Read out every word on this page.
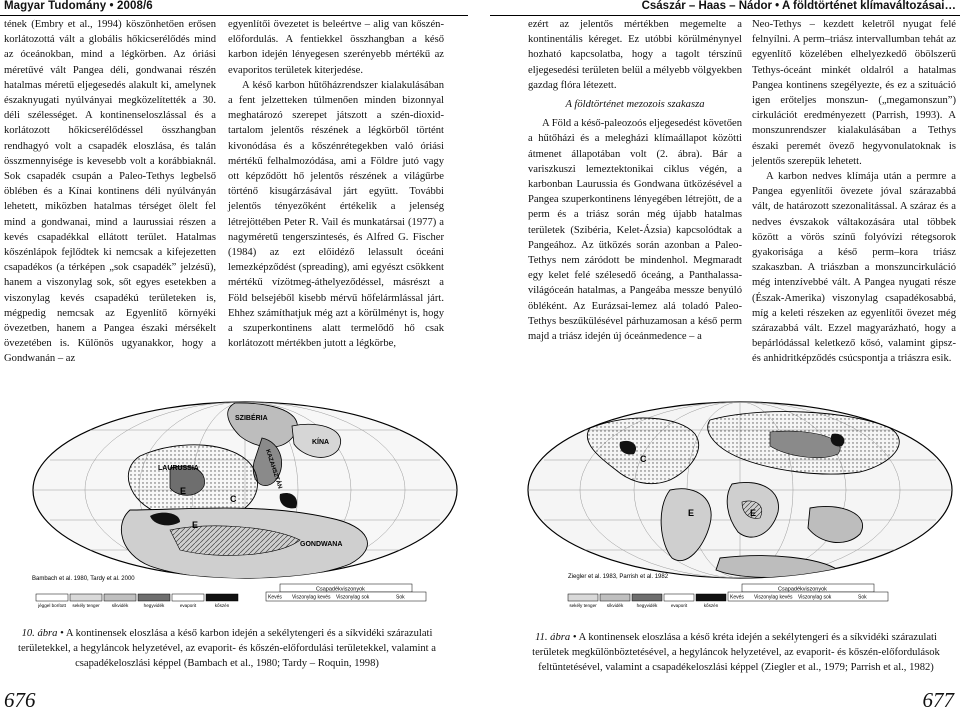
Magyar Tudomány • 2008/6	Császár – Haas – Nádor • A földtörténet klímaváltozásai…

tének (Embry et al., 1994) köszönhetően erősen korlátozottá vált a globális hőkicserélődés mind az óceánokban, mind a légkörben. Az óriási méretűvé vált Pangea déli, gondwanai részén hatalmas méretű eljegesedés alakult ki, amelynek északnyugati nyúlványai megközelítették a 30. déli szélességet. A kontinenseloszlással és a korlátozott hőkicserélődéssel összhangban rendhagyó volt a csapadék eloszlása, és talán összmennyisége is kevesebb volt a korábbiaknál. Sok csapadék csupán a Paleo-Tethys legbelső öblében és a Kínai kontinens déli nyúlványán lehetett, miközben hatalmas térséget ölelt fel mind a gondwanai, mind a laurussiai részen a kevés csapadékkal ellátott terület. Hatalmas kőszénlápok fejlődtek ki nemcsak a kifejezetten csapadékos (a térképen „sok csapadék” jelzésű), hanem a viszonylag sok, sőt egyes esetekben a viszonylag kevés csapadékú területeken is, mégpedig nemcsak az Egyenlítő környéki övezetben, hanem a Pangea északi mérsékelt övezetében is. Különös ugyanakkor, hogy a Gondwanán – az

egyenlítői övezetet is beleértve – alig van kőszén-előfordulás. A fentiekkel összhangban a késő karbon idején lényegesen szerényebb mértékű az evaporitos területek kiterjedése.

A késő karbon hűtőházrendszer kialakulásában a fent jelzetteken túlmenően minden bizonnyal meghatározó szerepet játszott a szén-dioxid-tartalom jelentős részének a légkörből történt kivonódása és a kőszénrétegekben való óriási mértékű felhalmozódása, ami a Földre jutó vagy ott képződött hő jelentős részének a világűrbe történő kisugárzásával járt együtt. További jelentős tényezőként értékelik a jelenség létrejöttében Peter R. Vail és munkatársai (1977) a nagyméretű tengerszintesés, és Alfred G. Fischer (1984) az ezt előidéző lelassult óceáni lemezképződést (spreading), ami egyészt csökkent mértékű vízötmeg-áthelyeződéssel, másrészt a Föld belsejéből kisebb mérvű hőfelármlással járt. Ehhez számíthatjuk még azt a körülményt is, hogy a szuperkontinens alatt termelődő hő csak korlátozott mértékben jutott a légkörbe,

ezért az jelentős mértékben megemelte a kontinentális kéreget. Ez utóbbi körülménynyel hozható kapcsolatba, hogy a tagolt térszínű eljegesedési területen belül a mélyebb völgyekben gazdag flóra létezett.

A földtörténet mezozois szakasza

A Föld a késő-paleozoós eljegesedést követően a hűtőházi és a melegházi klímaállapot közötti átmenet állapotában volt (2. ábra). Bár a variszkuszi lemeztektonikai ciklus végén, a karbonban Laurussia és Gondwana ütközésével a Pangea szuperkontinens lényegében létrejött, de a perm és a triász során még újabb hatalmas területek (Szibéria, Kelet-Ázsia) kapcsolódtak a Pangeához. Az ütközés során azonban a Paleo-Tethys nem záródott be mindenhol. Megmaradt egy kelet felé szélesedő óceáng, a Panthalassa-világóceán hatalmas, a Pangeába messze benyúló öbléként. Az Eurázsai-lemez alá toladó Paleo-Tethys beszűkülésével párhuzamosan a késő perm majd a triász idején új óceánmedence – a

Neo-Tethys – kezdett keletről nyugat felé felnyílni. A perm–triász intervallumban tehát az egyenlítő közelében elhelyezkedő öbölszerű Tethys-óceánt minkét oldalról a hatalmas Pangea kontinens szegélyezte, és ez a szituáció igen erőteljes monszun- („megamonszun”) cirkulációt eredményezett (Parrish, 1993). A monszunrendszer kialakulásában a Tethys északi peremét övező hegyvonulatoknak is jelentős szerepük lehetett.

A karbon nedves klímája után a permre a Pangea egyenlítői övezete jóval szárazabbá vált, de határozott szezonalitással. A száraz és a nedves évszakok váltakozására utal többek között a vörös színű folyóvízi rétegsorok gyakorisága a késő perm–kora triász szakaszban. A triászban a monszuncirkuláció még intenzívebbé vált. A Pangea nyugati része (Észak-Amerika) viszonylag csapadékosabbá, míg a keleti részeken az egyenlítői övezet még szárazabbá vált. Ezzel magyarázható, hogy a bepárlódással keletkező kősó, valamint gipsz- és anhidritképződés csúcspontja a triászra esik.

SZIBÉRIA
KÍNA
KAZAHSZTÁN
LAURUSSIA
GONDWANA
E
E
C
Bambach et al. 1980, Tardy et al. 2000
Csapadékviszonyok
Kevés Viszonylag kevés Viszonylag sok	Sok
jéggel borított sekély tenger	síkvidék	hegyvidék	evaporit	kőszén
E
E
C
Ziegler et al. 1983, Parrish et al. 1982
Csapadékviszonyok
Kevés Viszonylag kevés Viszonylag sok	Sok
sekély tenger síkvidék	hegyvidék	evaporit	kőszén
10. ábra • A kontinensek eloszlása a késő karbon idején a sekélytengeri és a síkvidéki szárazulati területekkel, a hegyláncok helyzetével, az evaporit- és kőszén-előfordulási területekkel, valamint a csapadékeloszlási képpel (Bambach et al., 1980; Tardy – Roquin, 1998)
11. ábra • A kontinensek eloszlása a késő kréta idején a sekélytengeri és a síkvidéki szárazulati területek megkülönböztetésével, a hegyláncok helyzetével, az evaporit- és kőszén-előfordulások feltüntetésével, valamint a csapadékeloszlási képpel (Ziegler et al., 1979; Parrish et al., 1982)
676	677
